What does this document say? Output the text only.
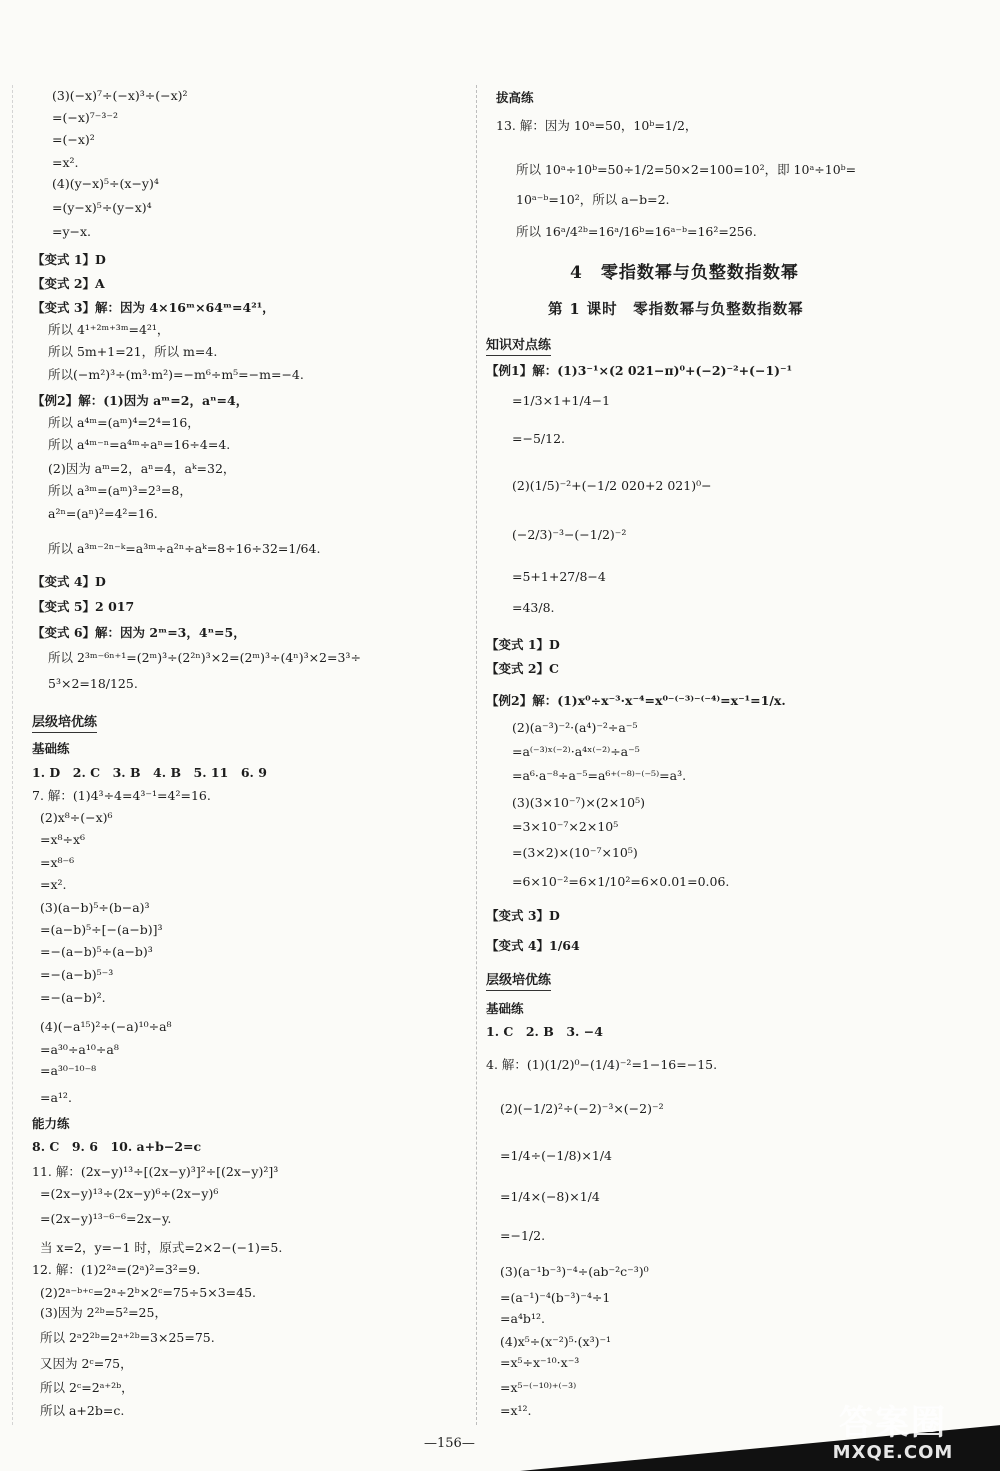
(3)(−x)⁷÷(−x)³÷(−x)²
=(−x)⁷⁻³⁻²
=(−x)²
=x².
(4)(y−x)⁵÷(x−y)⁴
=(y−x)⁵÷(y−x)⁴
=y−x.
【变式 1】D
【变式 2】A
【变式 3】解：因为 4×16ᵐ×64ᵐ=4²¹，
所以 4¹⁺²ᵐ⁺³ᵐ=4²¹，
所以 5m+1=21，所以 m=4.
所以(−m²)³÷(m³·m²)=−m⁶÷m⁵=−m=−4.
【例2】解：(1)因为 aᵐ=2，aⁿ=4，
所以 a⁴ᵐ=(aᵐ)⁴=2⁴=16，
所以 a⁴ᵐ⁻ⁿ=a⁴ᵐ÷aⁿ=16÷4=4.
(2)因为 aᵐ=2，aⁿ=4，aᵏ=32，
所以 a³ᵐ=(aᵐ)³=2³=8，
a²ⁿ=(aⁿ)²=4²=16.
所以 a³ᵐ⁻²ⁿ⁻ᵏ=a³ᵐ÷a²ⁿ÷aᵏ=8÷16÷32=1/64.
【变式 4】D
【变式 5】2 017
【变式 6】解：因为 2ᵐ=3，4ⁿ=5，
所以 2³ᵐ⁻⁶ⁿ⁺¹=(2ᵐ)³÷(2²ⁿ)³×2=(2ᵐ)³÷(4ⁿ)³×2=3³÷
5³×2=18/125.
层级培优练
基础练
1. D　2. C　3. B　4. B　5. 11　6. 9
7. 解：(1)4³÷4=4³⁻¹=4²=16.
(2)x⁸÷(−x)⁶
=x⁸÷x⁶
=x⁸⁻⁶
=x².
(3)(a−b)⁵÷(b−a)³
=(a−b)⁵÷[−(a−b)]³
=−(a−b)⁵÷(a−b)³
=−(a−b)⁵⁻³
=−(a−b)².
(4)(−a¹⁵)²÷(−a)¹⁰÷a⁸
=a³⁰÷a¹⁰÷a⁸
=a³⁰⁻¹⁰⁻⁸
=a¹².
能力练
8. C　9. 6　10. a+b−2=c
11. 解：(2x−y)¹³÷[(2x−y)³]²÷[(2x−y)²]³
=(2x−y)¹³÷(2x−y)⁶÷(2x−y)⁶
=(2x−y)¹³⁻⁶⁻⁶=2x−y.
当 x=2，y=−1 时，原式=2×2−(−1)=5.
12. 解：(1)2²ᵃ=(2ᵃ)²=3²=9.
(2)2ᵃ⁻ᵇ⁺ᶜ=2ᵃ÷2ᵇ×2ᶜ=75÷5×3=45.
(3)因为 2²ᵇ=5²=25，
所以 2ᵃ2²ᵇ=2ᵃ⁺²ᵇ=3×25=75.
又因为 2ᶜ=75，
所以 2ᶜ=2ᵃ⁺²ᵇ，
所以 a+2b=c.
拔高练
13. 解：因为 10ᵃ=50，10ᵇ=1/2，
所以 10ᵃ÷10ᵇ=50÷1/2=50×2=100=10²，即 10ᵃ÷10ᵇ=
10ᵃ⁻ᵇ=10²，所以 a−b=2.
所以 16ᵃ/4²ᵇ=16ᵃ/16ᵇ=16ᵃ⁻ᵇ=16²=256.
4　零指数幂与负整数指数幂
第 1 课时　零指数幂与负整数指数幂
知识对点练
【例1】解：(1)3⁻¹×(2 021−π)⁰+(−2)⁻²+(−1)⁻¹
=1/3×1+1/4−1
=−5/12.
(2)(1/5)⁻²+(−1/2 020+2 021)⁰−
(−2/3)⁻³−(−1/2)⁻²
=5+1+27/8−4
=43/8.
【变式 1】D
【变式 2】C
【例2】解：(1)x⁰÷x⁻³·x⁻⁴=x⁰⁻⁽⁻³⁾⁻⁽⁻⁴⁾=x⁻¹=1/x.
(2)(a⁻³)⁻²·(a⁴)⁻²÷a⁻⁵
=a⁽⁻³⁾ˣ⁽⁻²⁾·a⁴ˣ⁽⁻²⁾÷a⁻⁵
=a⁶·a⁻⁸÷a⁻⁵=a⁶⁺⁽⁻⁸⁾⁻⁽⁻⁵⁾=a³.
(3)(3×10⁻⁷)×(2×10⁵)
=3×10⁻⁷×2×10⁵
=(3×2)×(10⁻⁷×10⁵)
=6×10⁻²=6×1/10²=6×0.01=0.06.
【变式 3】D
【变式 4】1/64
层级培优练
基础练
1. C　2. B　3. −4
4. 解：(1)(1/2)⁰−(1/4)⁻²=1−16=−15.
(2)(−1/2)²÷(−2)⁻³×(−2)⁻²
=1/4÷(−1/8)×1/4
=1/4×(−8)×1/4
=−1/2.
(3)(a⁻¹b⁻³)⁻⁴÷(ab⁻²c⁻³)⁰
=(a⁻¹)⁻⁴(b⁻³)⁻⁴÷1
=a⁴b¹².
(4)x⁵÷(x⁻²)⁵·(x³)⁻¹
=x⁵÷x⁻¹⁰·x⁻³
=x⁵⁻⁽⁻¹⁰⁾⁺⁽⁻³⁾
=x¹².
—156—
答案圈
MXQE.COM
